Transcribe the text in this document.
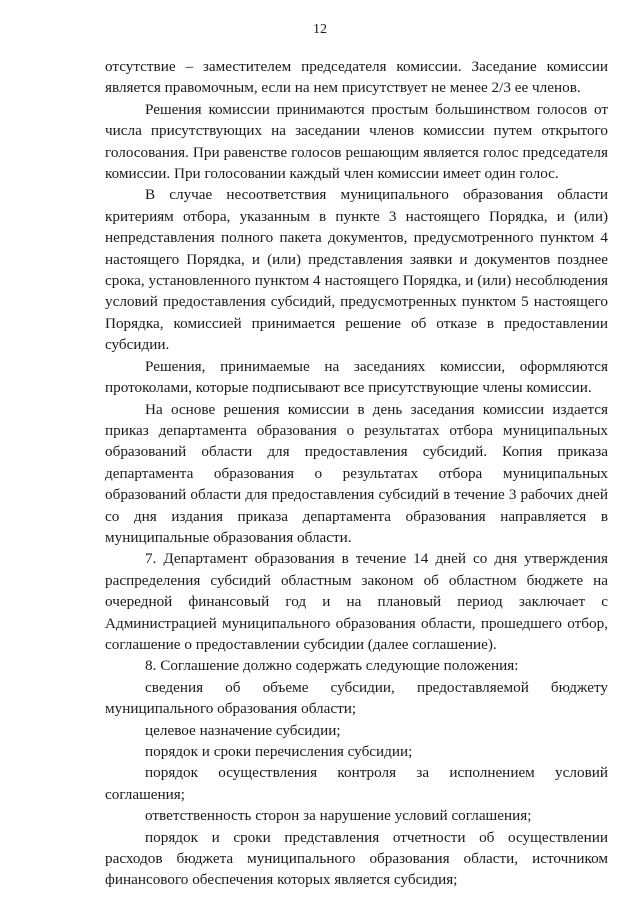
12

отсутствие – заместителем председателя комиссии. Заседание комиссии является правомочным, если на нем присутствует не менее 2/3 ее членов.

Решения комиссии принимаются простым большинством голосов от числа присутствующих на заседании членов комиссии путем открытого голосования. При равенстве голосов решающим является голос председателя комиссии. При голосовании каждый член комиссии имеет один голос.

В случае несоответствия муниципального образования области критериям отбора, указанным в пункте 3 настоящего Порядка, и (или) непредставления полного пакета документов, предусмотренного пунктом 4 настоящего Порядка, и (или) представления заявки и документов позднее срока, установленного пунктом 4 настоящего Порядка, и (или) несоблюдения условий предоставления субсидий, предусмотренных пунктом 5 настоящего Порядка, комиссией принимается решение об отказе в предоставлении субсидии.

Решения, принимаемые на заседаниях комиссии, оформляются протоколами, которые подписывают все присутствующие члены комиссии.

На основе решения комиссии в день заседания комиссии издается приказ департамента образования о результатах отбора муниципальных образований области для предоставления субсидий. Копия приказа департамента образования о результатах отбора муниципальных образований области для предоставления субсидий в течение 3 рабочих дней со дня издания приказа департамента образования направляется в муниципальные образования области.

7. Департамент образования в течение 14 дней со дня утверждения распределения субсидий областным законом об областном бюджете на очередной финансовый год и на плановый период заключает с Администрацией муниципального образования области, прошедшего отбор, соглашение о предоставлении субсидии (далее соглашение).

8. Соглашение должно содержать следующие положения:

сведения об объеме субсидии, предоставляемой бюджету муниципального образования области;

целевое назначение субсидии;

порядок и сроки перечисления субсидии;

порядок осуществления контроля за исполнением условий соглашения;

ответственность сторон за нарушение условий соглашения;

порядок и сроки представления отчетности об осуществлении расходов бюджета муниципального образования области, источником финансового обеспечения которых является субсидия;
